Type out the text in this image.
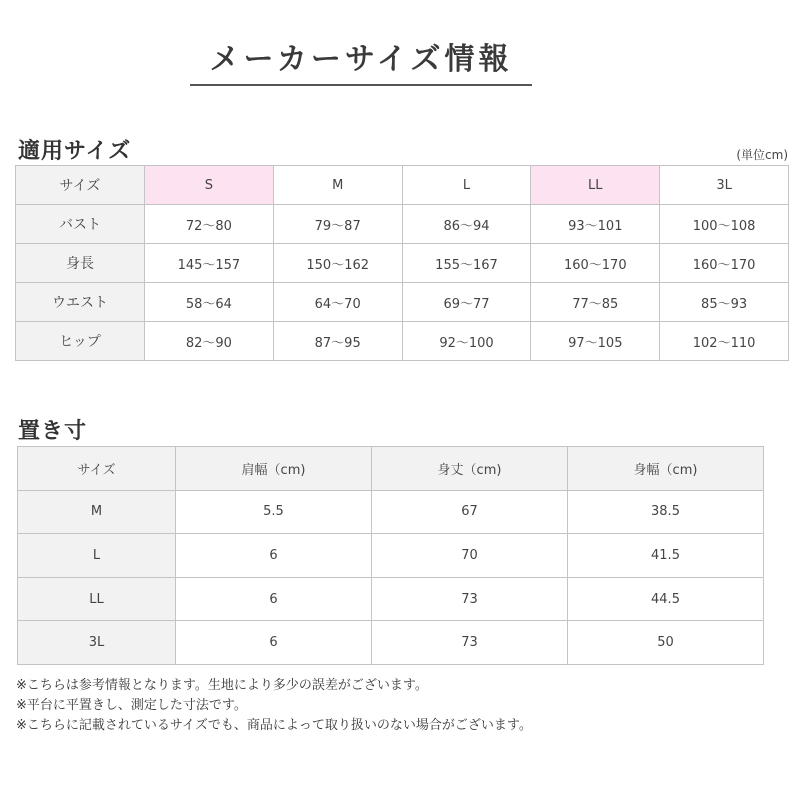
メーカーサイズ情報
適用サイズ	(単位cm)
サイズ	S	M	L	LL	3L
バスト	72〜80	79〜87	86〜94	93〜101	100〜108
身長	145〜157	150〜162	155〜167	160〜170	160〜170
ウエスト	58〜64	64〜70	69〜77	77〜85	85〜93
ヒップ	82〜90	87〜95	92〜100	97〜105	102〜110
置き寸
サイズ	肩幅（cm)	身丈（cm)	身幅（cm)
M	5.5	67	38.5
L	6	70	41.5
LL	6	73	44.5
3L	6	73	50
※こちらは参考情報となります。生地により多少の誤差がございます。
※平台に平置きし、測定した寸法です。
※こちらに記載されているサイズでも、商品によって取り扱いのない場合がございます。
